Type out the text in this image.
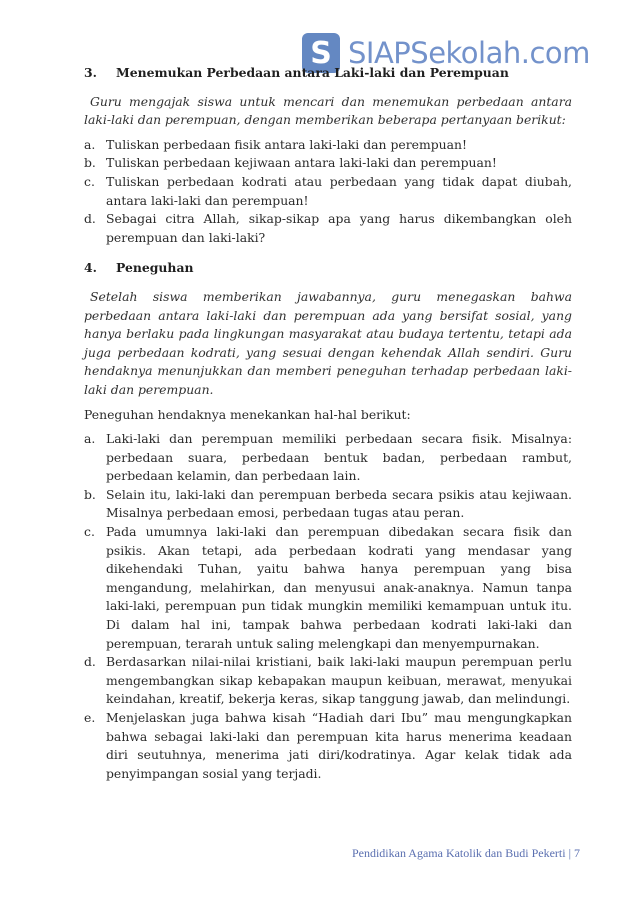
S SIAPSekolah.com
3.	Menemukan Perbedaan antara Laki-laki dan Perempuan
Guru mengajak siswa untuk mencari dan menemukan perbedaan antara laki-laki dan perempuan, dengan memberikan beberapa pertanyaan berikut:
a. Tuliskan perbedaan fisik antara laki-laki dan perempuan!
b. Tuliskan perbedaan kejiwaan antara laki-laki dan perempuan!
c. Tuliskan perbedaan kodrati atau perbedaan yang tidak dapat diubah, antara laki-laki dan perempuan!
d. Sebagai citra Allah, sikap-sikap apa yang harus dikembangkan oleh perempuan dan laki-laki?
4.	Peneguhan
Setelah siswa memberikan jawabannya, guru menegaskan bahwa perbedaan antara laki-laki dan perempuan ada yang bersifat sosial, yang hanya berlaku pada lingkungan masyarakat atau budaya tertentu, tetapi ada juga perbedaan kodrati, yang sesuai dengan kehendak Allah sendiri. Guru hendaknya menunjukkan dan memberi peneguhan terhadap perbedaan laki-laki dan perempuan.
Peneguhan hendaknya menekankan hal-hal berikut:
a. Laki-laki dan perempuan memiliki perbedaan secara fisik. Misalnya: perbedaan suara, perbedaan bentuk badan, perbedaan rambut, perbedaan kelamin, dan perbedaan lain.
b. Selain itu, laki-laki dan perempuan berbeda secara psikis atau kejiwaan. Misalnya perbedaan emosi, perbedaan tugas atau peran.
c. Pada umumnya laki-laki dan perempuan dibedakan secara fisik dan psikis. Akan tetapi, ada perbedaan kodrati yang mendasar yang dikehendaki Tuhan, yaitu bahwa hanya perempuan yang bisa mengandung, melahirkan, dan menyusui anak-anaknya. Namun tanpa laki-laki, perempuan pun tidak mungkin memiliki kemampuan untuk itu. Di dalam hal ini, tampak bahwa perbedaan kodrati laki-laki dan perempuan, terarah untuk saling melengkapi dan menyempurnakan.
d. Berdasarkan nilai-nilai kristiani, baik laki-laki maupun perempuan perlu mengembangkan sikap kebapakan maupun keibuan, merawat, menyukai keindahan, kreatif, bekerja keras, sikap tanggung jawab, dan melindungi.
e. Menjelaskan juga bahwa kisah “Hadiah dari Ibu” mau mengungkapkan bahwa sebagai laki-laki dan perempuan kita harus menerima keadaan diri seutuhnya, menerima jati diri/kodratinya. Agar kelak tidak ada penyimpangan sosial yang terjadi.
Pendidikan Agama Katolik dan Budi Pekerti | 7
